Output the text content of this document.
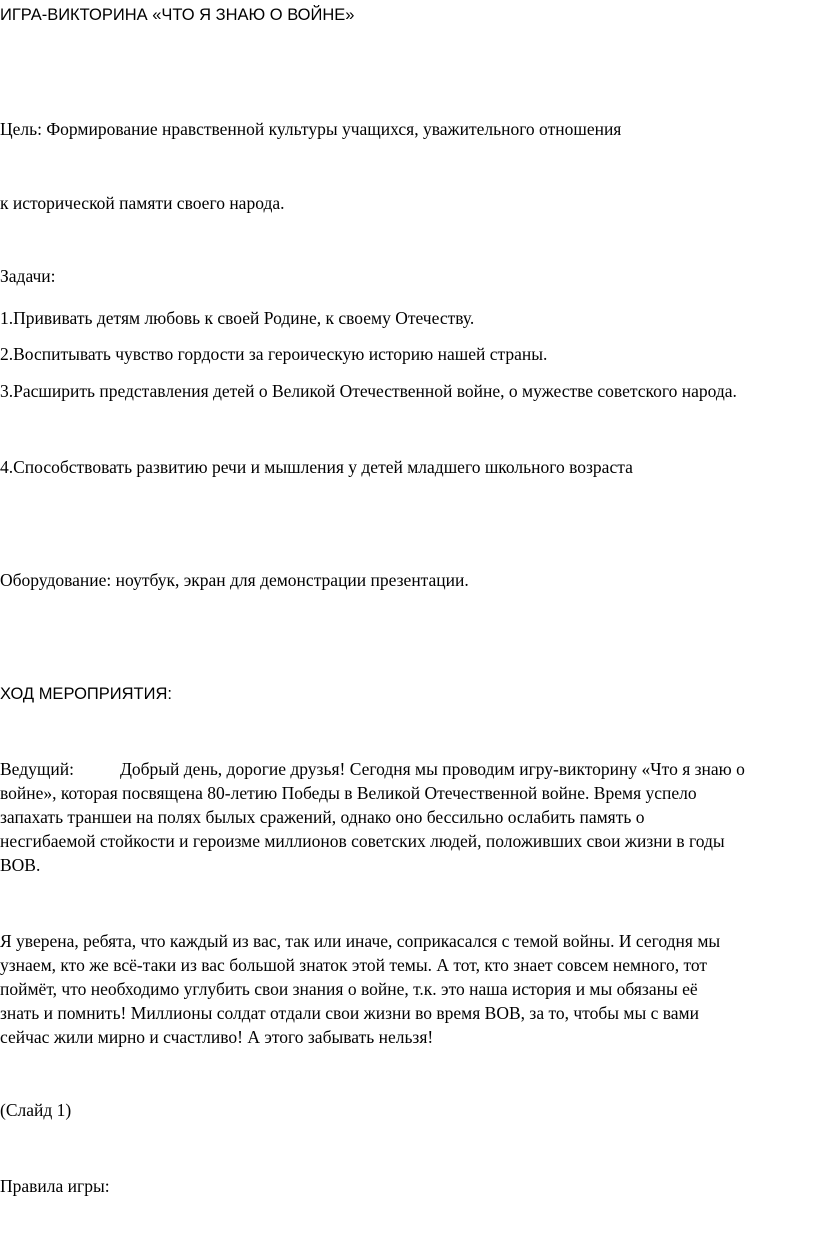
ИГРА-ВИКТОРИНА «ЧТО Я ЗНАЮ О ВОЙНЕ»

Цель: Формирование нравственной культуры учащихся, уважительного отношения

к исторической памяти своего народа.

Задачи:

1.Прививать детям любовь к своей Родине, к своему Отечеству.

2.Воспитывать чувство гордости за героическую историю нашей страны.

3.Расширить представления детей о Великой Отечественной войне, о мужестве советского народа.

4.Способствовать развитию речи и мышления у детей младшего школьного возраста

Оборудование: ноутбук, экран для демонстрации презентации.

ХОД МЕРОПРИЯТИЯ:

Ведущий:	Добрый день, дорогие друзья! Сегодня мы проводим игру-викторину «Что я знаю о
войне», которая посвящена 80-летию Победы в Великой Отечественной войне. Время успело
запахать траншеи на полях былых сражений, однако оно бессильно ослабить память о
несгибаемой стойкости и героизме миллионов советских людей, положивших свои жизни в годы
ВОВ.
Я уверена, ребята, что каждый из вас, так или иначе, соприкасался с темой войны. И сегодня мы
узнаем, кто же всё-таки из вас большой знаток этой темы. А тот, кто знает совсем немного, тот
поймёт, что необходимо углубить свои знания о войне, т.к. это наша история и мы обязаны её
знать и помнить! Миллионы солдат отдали свои жизни во время ВОВ, за то, чтобы мы с вами
сейчас жили мирно и счастливо! А этого забывать нельзя!

(Слайд 1)

Правила игры:
